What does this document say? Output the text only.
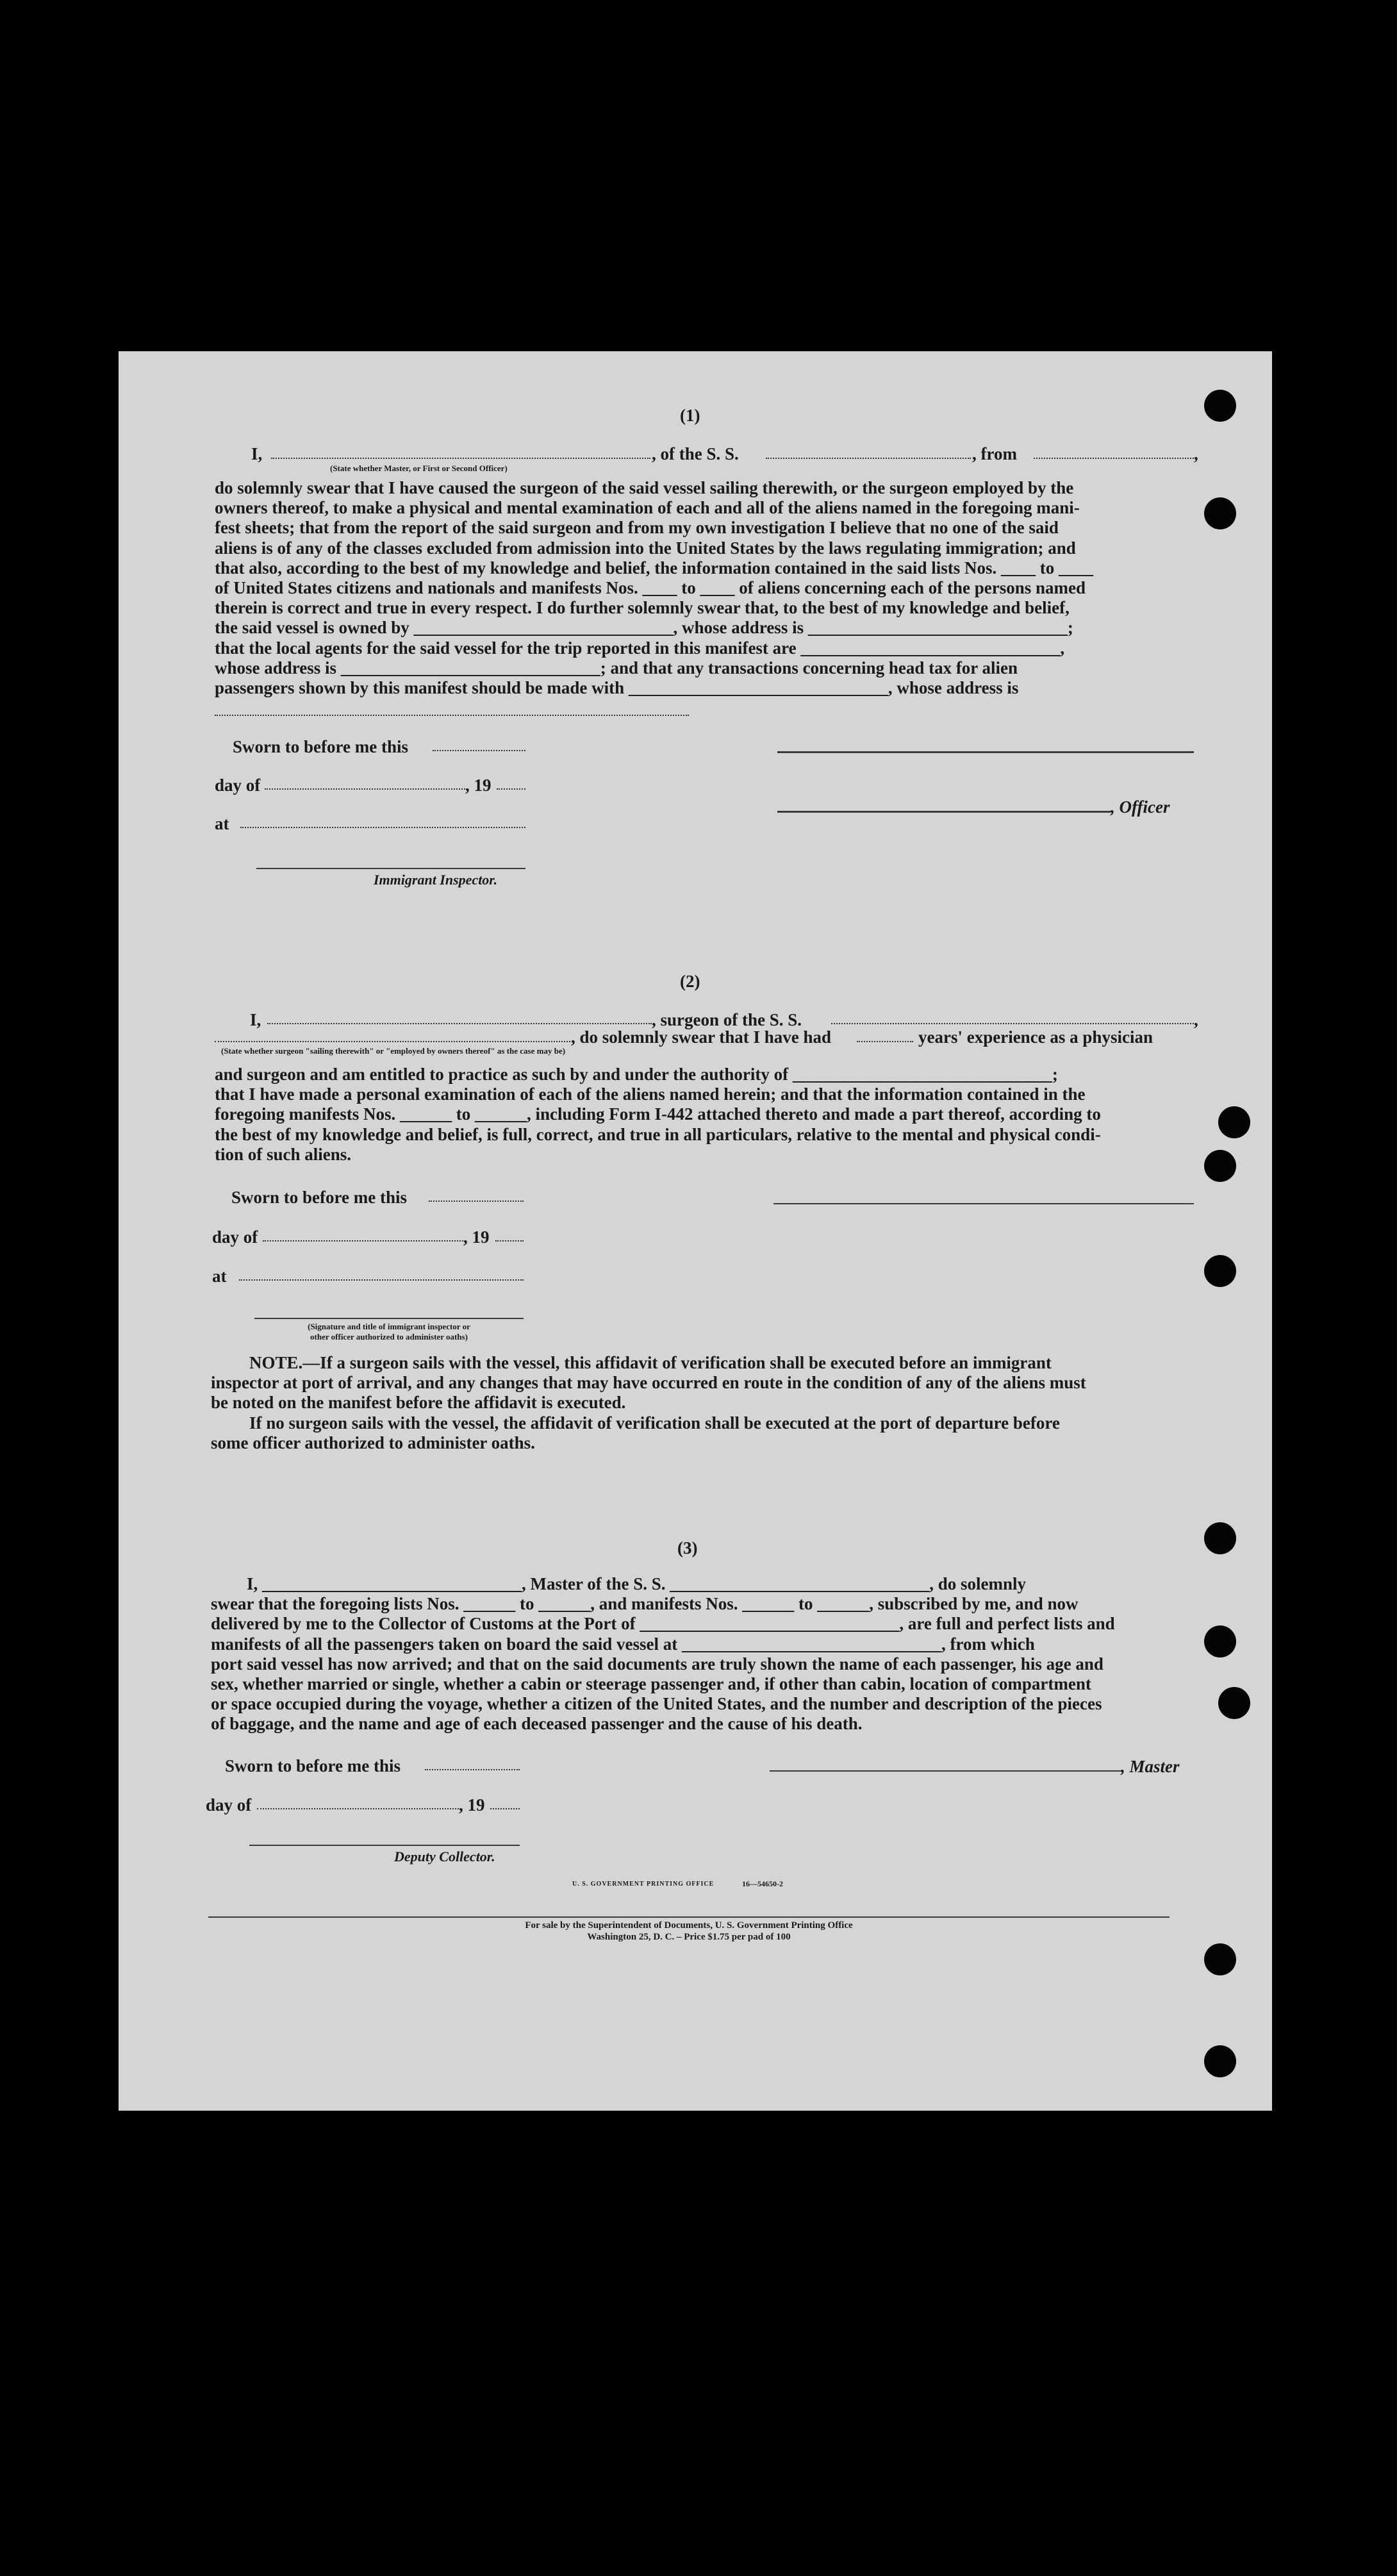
(1)
I,	, of the S. S.	, from	,
(State whether Master, or First or Second Officer)
do solemnly swear that I have caused the surgeon of the said vessel sailing therewith, or the surgeon employed by the
owners thereof, to make a physical and mental examination of each and all of the aliens named in the foregoing mani-
fest sheets; that from the report of the said surgeon and from my own investigation I believe that no one of the said
aliens is of any of the classes excluded from admission into the United States by the laws regulating immigration; and
that also, according to the best of my knowledge and belief, the information contained in the said lists Nos. ____ to ____
of United States citizens and nationals and manifests Nos. ____ to ____ of aliens concerning each of the persons named
therein is correct and true in every respect. I do further solemnly swear that, to the best of my knowledge and belief,
the said vessel is owned by ______________________________, whose address is ______________________________;
that the local agents for the said vessel for the trip reported in this manifest are ______________________________,
whose address is ______________________________; and that any transactions concerning head tax for alien
passengers shown by this manifest should be made with ______________________________, whose address is
Sworn to before me this
day of	, 19
, Officer
at
Immigrant Inspector.
(2)
I,	, surgeon of the S. S.	,
, do solemnly swear that I have had	years' experience as a physician
(State whether surgeon "sailing therewith" or "employed by owners thereof" as the case may be)
and surgeon and am entitled to practice as such by and under the authority of ______________________________;
that I have made a personal examination of each of the aliens named herein; and that the information contained in the
foregoing manifests Nos. ______ to ______, including Form I-442 attached thereto and made a part thereof, according to
the best of my knowledge and belief, is full, correct, and true in all particulars, relative to the mental and physical condi-
tion of such aliens.
Sworn to before me this
day of	, 19
at
(Signature and title of immigrant inspector or
other officer authorized to administer oaths)
NOTE.—If a surgeon sails with the vessel, this affidavit of verification shall be executed before an immigrant
inspector at port of arrival, and any changes that may have occurred en route in the condition of any of the aliens must
be noted on the manifest before the affidavit is executed.
If no surgeon sails with the vessel, the affidavit of verification shall be executed at the port of departure before
some officer authorized to administer oaths.
(3)
I, ______________________________, Master of the S. S. ______________________________, do solemnly
swear that the foregoing lists Nos. ______ to ______, and manifests Nos. ______ to ______, subscribed by me, and now
delivered by me to the Collector of Customs at the Port of ______________________________, are full and perfect lists and
manifests of all the passengers taken on board the said vessel at ______________________________, from which
port said vessel has now arrived; and that on the said documents are truly shown the name of each passenger, his age and
sex, whether married or single, whether a cabin or steerage passenger and, if other than cabin, location of compartment
or space occupied during the voyage, whether a citizen of the United States, and the number and description of the pieces
of baggage, and the name and age of each deceased passenger and the cause of his death.
Sworn to before me this	, Master
day of	, 19
Deputy Collector.
U. S. GOVERNMENT PRINTING OFFICE	16—54650-2
For sale by the Superintendent of Documents, U. S. Government Printing Office
Washington 25, D. C. – Price $1.75 per pad of 100
